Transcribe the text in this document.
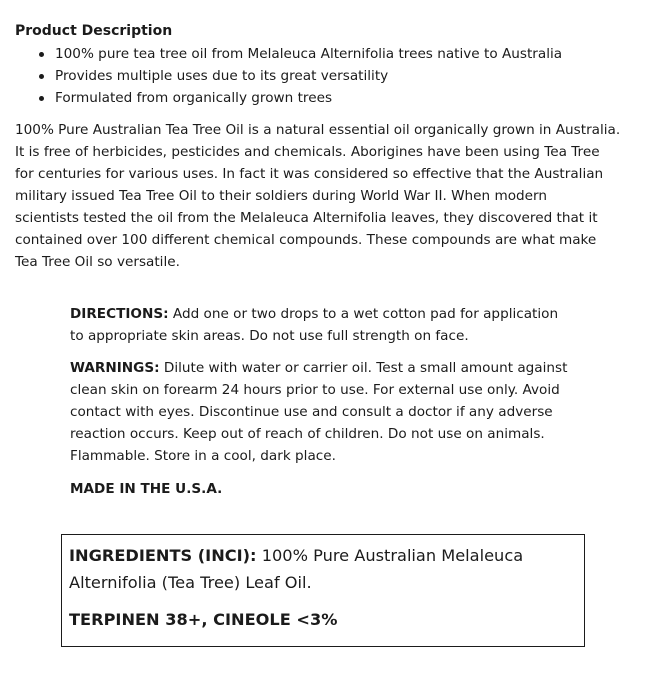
Product Description
100% pure tea tree oil from Melaleuca Alternifolia trees native to Australia
Provides multiple uses due to its great versatility
Formulated from organically grown trees

100% Pure Australian Tea Tree Oil is a natural essential oil organically grown in Australia.
It is free of herbicides, pesticides and chemicals. Aborigines have been using Tea Tree
for centuries for various uses. In fact it was considered so effective that the Australian
military issued Tea Tree Oil to their soldiers during World War II. When modern
scientists tested the oil from the Melaleuca Alternifolia leaves, they discovered that it
contained over 100 different chemical compounds. These compounds are what make
Tea Tree Oil so versatile.

DIRECTIONS: Add one or two drops to a wet cotton pad for application
to appropriate skin areas. Do not use full strength on face.

WARNINGS: Dilute with water or carrier oil. Test a small amount against
clean skin on forearm 24 hours prior to use. For external use only. Avoid
contact with eyes. Discontinue use and consult a doctor if any adverse
reaction occurs. Keep out of reach of children. Do not use on animals.
Flammable. Store in a cool, dark place.

MADE IN THE U.S.A.

INGREDIENTS (INCI): 100% Pure Australian Melaleuca
Alternifolia (Tea Tree) Leaf Oil.

TERPINEN 38+, CINEOLE <3%
